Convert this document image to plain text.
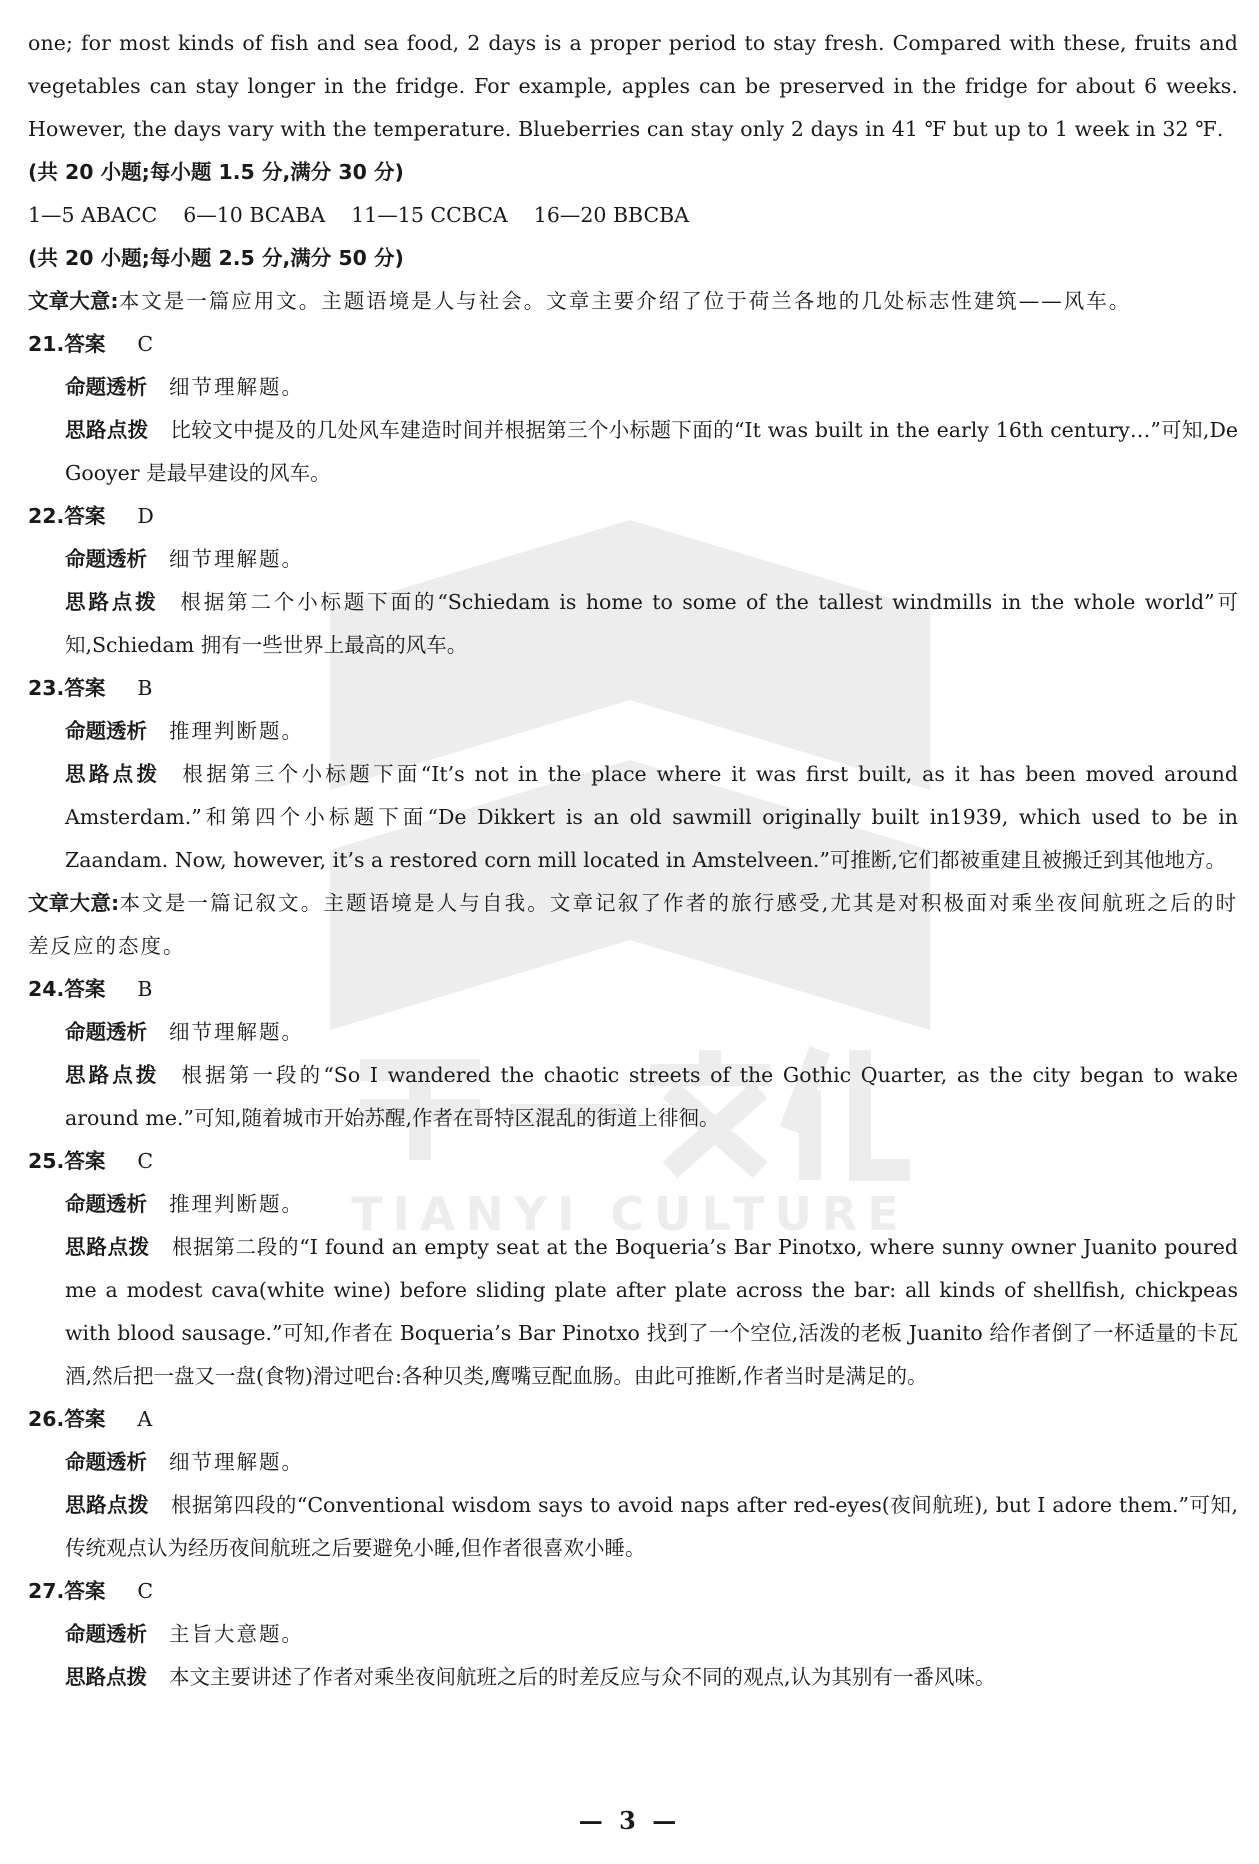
TIANYI CULTURE

one; for most kinds of fish and sea food, 2 days is a proper period to stay fresh. Compared with these, fruits and vegetables can stay longer in the fridge. For example, apples can be preserved in the fridge for about 6 weeks. However, the days vary with the temperature. Blueberries can stay only 2 days in 41 ℉ but up to 1 week in 32 ℉.

(共 20 小题;每小题 1.5 分,满分 30 分)

1—5 ABACC    6—10 BCABA    11—15 CCBCA    16—20 BBCBA

(共 20 小题;每小题 2.5 分,满分 50 分)

文章大意:本文是一篇应用文。主题语境是人与社会。文章主要介绍了位于荷兰各地的几处标志性建筑——风车。

21.答案 C

命题透析 细节理解题。

思路点拨 比较文中提及的几处风车建造时间并根据第三个小标题下面的“It was built in the early 16th century…”可知,De Gooyer 是最早建设的风车。

22.答案 D

命题透析 细节理解题。

思路点拨 根据第二个小标题下面的“Schiedam is home to some of the tallest windmills in the whole world”可知,Schiedam 拥有一些世界上最高的风车。

23.答案 B

命题透析 推理判断题。

思路点拨 根据第三个小标题下面“It’s not in the place where it was first built, as it has been moved around Amsterdam.”和第四个小标题下面“De Dikkert is an old sawmill originally built in1939, which used to be in Zaandam. Now, however, it’s a restored corn mill located in Amstelveen.”可推断,它们都被重建且被搬迁到其他地方。

文章大意:本文是一篇记叙文。主题语境是人与自我。文章记叙了作者的旅行感受,尤其是对积极面对乘坐夜间航班之后的时差反应的态度。

24.答案 B

命题透析 细节理解题。

思路点拨 根据第一段的“So I wandered the chaotic streets of the Gothic Quarter, as the city began to wake around me.”可知,随着城市开始苏醒,作者在哥特区混乱的街道上徘徊。

25.答案 C

命题透析 推理判断题。

思路点拨 根据第二段的“I found an empty seat at the Boqueria’s Bar Pinotxo, where sunny owner Juanito poured me a modest cava(white wine) before sliding plate after plate across the bar: all kinds of shellfish, chickpeas with blood sausage.”可知,作者在 Boqueria’s Bar Pinotxo 找到了一个空位,活泼的老板 Juanito 给作者倒了一杯适量的卡瓦酒,然后把一盘又一盘(食物)滑过吧台:各种贝类,鹰嘴豆配血肠。由此可推断,作者当时是满足的。

26.答案 A

命题透析 细节理解题。

思路点拨 根据第四段的“Conventional wisdom says to avoid naps after red-eyes(夜间航班), but I adore them.”可知,传统观点认为经历夜间航班之后要避免小睡,但作者很喜欢小睡。

27.答案 C

命题透析 主旨大意题。

思路点拨 本文主要讲述了作者对乘坐夜间航班之后的时差反应与众不同的观点,认为其别有一番风味。

— 3 —
